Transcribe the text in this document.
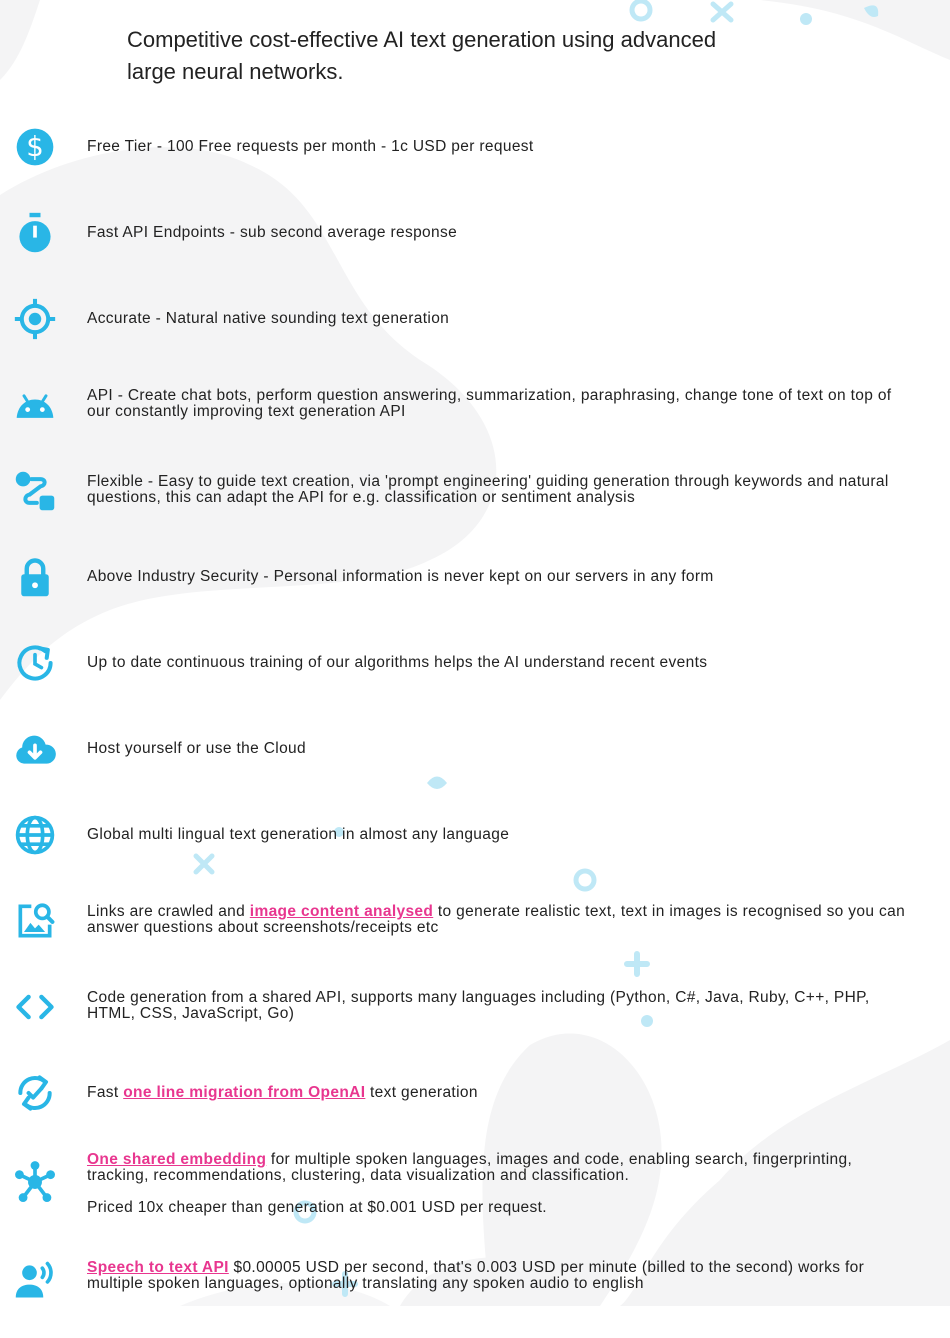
Competitive cost-effective AI text generation using advanced large neural networks.
$	Free Tier - 100 Free requests per month - 1c USD per request
Fast API Endpoints - sub second average response
Accurate - Natural native sounding text generation
API - Create chat bots, perform question answering, summarization, paraphrasing, change tone of text on top of our constantly improving text generation API
Flexible - Easy to guide text creation, via 'prompt engineering' guiding generation through keywords and natural questions, this can adapt the API for e.g. classification or sentiment analysis
Above Industry Security - Personal information is never kept on our servers in any form
Up to date continuous training of our algorithms helps the AI understand recent events
Host yourself or use the Cloud
Global multi lingual text generation in almost any language
Links are crawled and image content analysed to generate realistic text, text in images is recognised so you can answer questions about screenshots/receipts etc
Code generation from a shared API, supports many languages including (Python, C#, Java, Ruby, C++, PHP, HTML, CSS, JavaScript, Go)
Fast one line migration from OpenAI text generation

One shared embedding for multiple spoken languages, images and code, enabling search, fingerprinting, tracking, recommendations, clustering, data visualization and classification.

Priced 10x cheaper than generation at $0.001 USD per request.

Speech to text API $0.00005 USD per second, that's 0.003 USD per minute (billed to the second) works for multiple spoken languages, optionally translating any spoken audio to english
